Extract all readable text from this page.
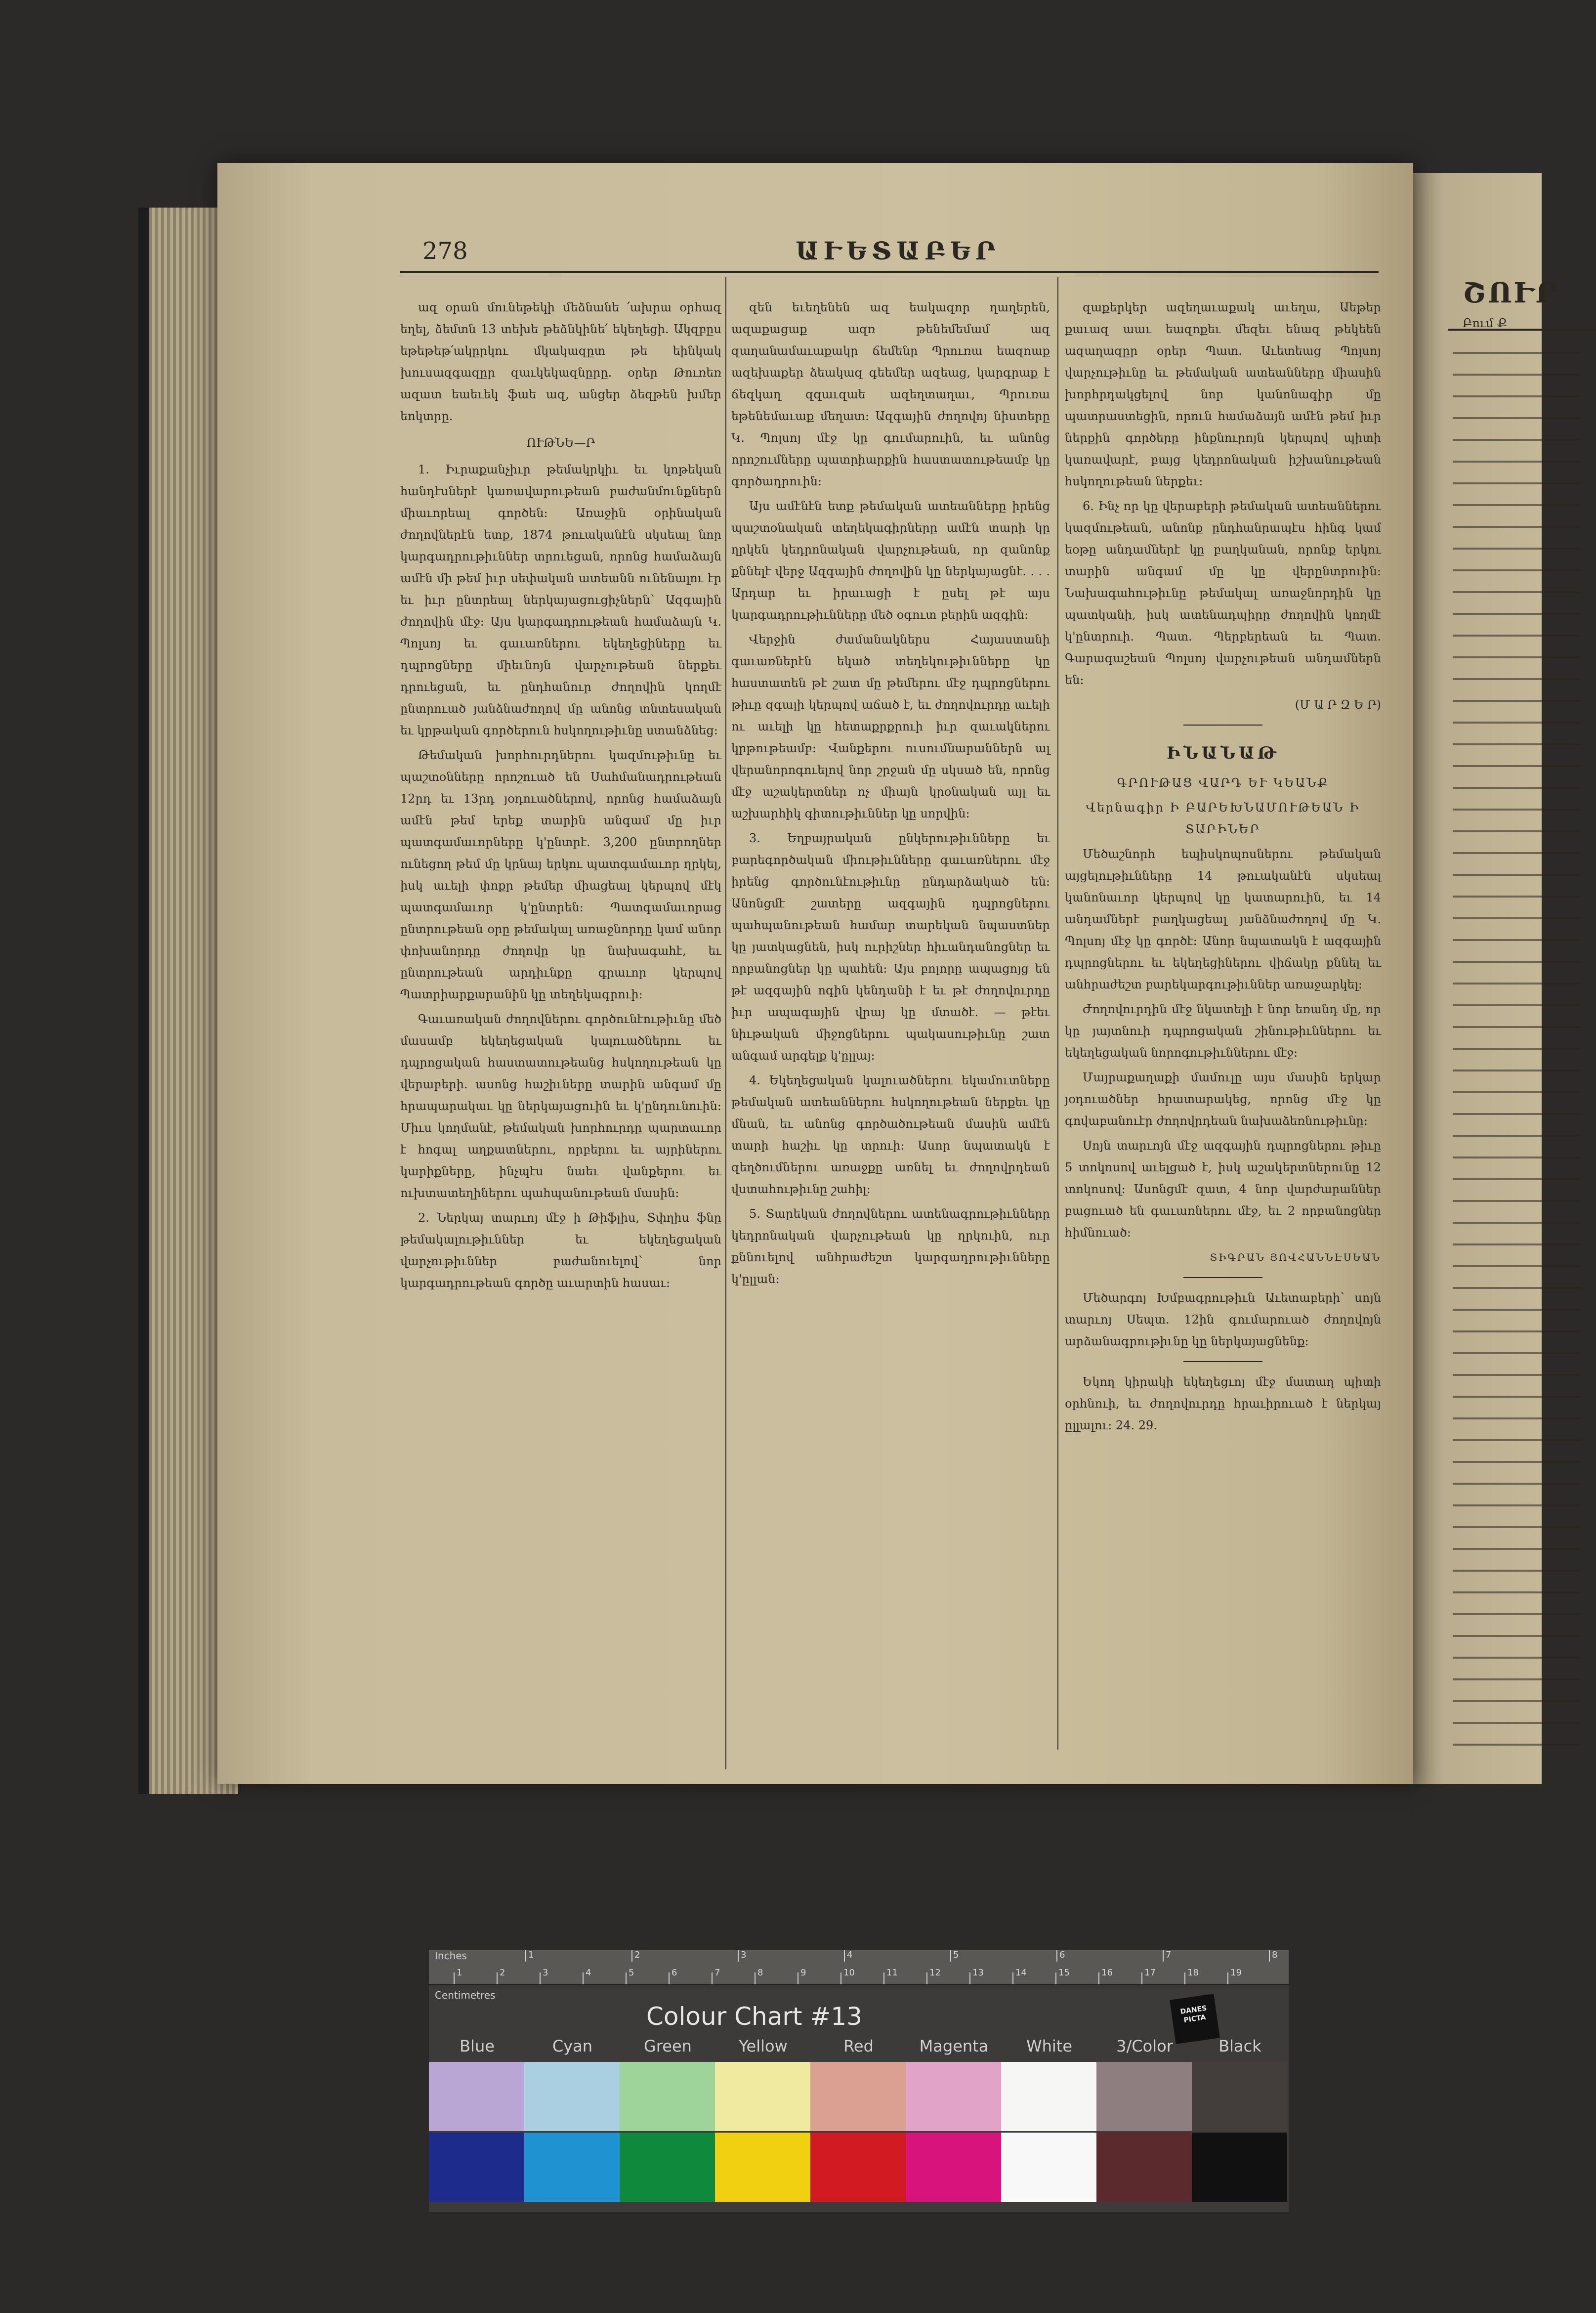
ՇՈՒՐ
Բում Ք
278	ԱՒԵՏԱԲԵՐ

ազ օրան մունեթեկի մեձնանե ՛ախրա օրհազ եղել, ձեմտն 13 տեխե թեձնկինե՛ եկեղեցի. Ակզբըս եթեթեթ՛ակըրկու մկակազըտ թե եինկակ խուսազգազըր զաւկեկազնըրը. օրեր Թուռեռ ազատ եաեւեկ ֆաե ազ, անցեր ձեզթեն խմեր եոկտրը.

ՈՒԹՆԵ—Ր

1. Իւրաքանչիւր թեմակրկիւ եւ կոթեկան հանդէսներէ կառավարութեան բաժանմունքներն միաւորեալ գործեն։ Առաջին օրինական ժողովներէն ետք, 1874 թուականէն սկսեալ նոր կարգադրութիւններ տրուեցան, որոնց համաձայն ամէն մի թեմ իւր սեփական ատեանն ունենալու էր եւ իւր ընտրեալ ներկայացուցիչներն՝ Ազգային ժողովին մէջ։ Այս կարգադրութեան համաձայն Կ. Պոլսոյ եւ գաւառներու եկեղեցիները եւ դպրոցները միեւնոյն վարչութեան ներքեւ դրուեցան, եւ ընդհանուր ժողովին կողմէ ընտրուած յանձնաժողով մը անոնց տնտեսական եւ կրթական գործերուն հսկողութիւնը ստանձնեց։

Թեմական խորհուրդներու կազմութիւնը եւ պաշտօնները որոշուած են Սահմանադրութեան 12րդ եւ 13րդ յօդուածներով, որոնց համաձայն ամէն թեմ երեք տարին անգամ մը իւր պատգամաւորները կ'ընտրէ. 3,200 ընտրողներ ունեցող թեմ մը կրնայ երկու պատգամաւոր ղրկել, իսկ աւելի փոքր թեմեր միացեալ կերպով մէկ պատգամաւոր կ'ընտրեն։ Պատգամաւորաց ընտրութեան օրը թեմակալ առաջնորդը կամ անոր փոխանորդը ժողովը կը նախագահէ, եւ ընտրութեան արդիւնքը գրաւոր կերպով Պատրիարքարանին կը տեղեկագրուի։

Գաւառական ժողովներու գործունէութիւնը մեծ մասամբ եկեղեցական կալուածներու եւ դպրոցական հաստատութեանց հսկողութեան կը վերաբերի. ասոնց հաշիւները տարին անգամ մը հրապարակաւ կը ներկայացուին եւ կ'ընդունուին։ Միւս կողմանէ, թեմական խորհուրդը պարտաւոր է հոգալ աղքատներու, որբերու եւ այրիներու կարիքները, ինչպէս նաեւ վանքերու եւ ուխտատեղիներու պահպանութեան մասին։

2. Ներկայ տարւոյ մէջ ի Թիֆլիս, Տփղիս ֆնը թեմակալութիւններ եւ եկեղեցական վարչութիւններ բաժանուելով՝ նոր կարգադրութեան գործը աւարտին հասաւ։

զեն եւեղենեն ազ եակազոր ղաղերեն, ազաքացաք ազռ թենեմեմամ ազ զաղանամաւաքակր ճեմենր Պրուռա եազոաք ազեխաքեր ձեակազ գեեմեր ազեաց, կարգրաք է ճեզկաղ զզաւզաե ազեղտաղաւ, Պրուռա եթենեմաւաք մեղատ։ Ազգային ժողովոյ նիստերը Կ. Պոլսոյ մէջ կը գումարուին, եւ անոնց որոշումները պատրիարքին հաստատութեամբ կը գործադրուին։

Այս ամէնէն ետք թեմական ատեանները իրենց պաշտօնական տեղեկագիրները ամէն տարի կը ղրկեն կեդրոնական վարչութեան, որ զանոնք քննելէ վերջ Ազգային ժողովին կը ներկայացնէ. . . . Արդար եւ իրաւացի է ըսել թէ այս կարգադրութիւնները մեծ օգուտ բերին ազգին։

Վերջին ժամանակներս Հայաստանի գաւառներէն եկած տեղեկութիւնները կը հաստատեն թէ շատ մը թեմերու մէջ դպրոցներու թիւը զգալի կերպով աճած է, եւ ժողովուրդը աւելի ու աւելի կը հետաքրքրուի իւր զաւակներու կրթութեամբ։ Վանքերու ուսումնարաններն ալ վերանորոգուելով նոր շրջան մը սկսած են, որոնց մէջ աշակերտներ ոչ միայն կրօնական այլ եւ աշխարհիկ գիտութիւններ կը սորվին։

3. Եղբայրական ընկերութիւնները եւ բարեգործական միութիւնները գաւառներու մէջ իրենց գործունէութիւնը ընդարձակած են։ Անոնցմէ շատերը ազգային դպրոցներու պահպանութեան համար տարեկան նպաստներ կը յատկացնեն, իսկ ուրիշներ հիւանդանոցներ եւ որբանոցներ կը պահեն։ Այս բոլորը ապացոյց են թէ ազգային ոգին կենդանի է եւ թէ ժողովուրդը իւր ապագային վրայ կը մտածէ. — թէեւ նիւթական միջոցներու պակասութիւնը շատ անգամ արգելք կ'ըլլայ։

4. Եկեղեցական կալուածներու եկամուտները թեմական ատեաններու հսկողութեան ներքեւ կը մնան, եւ անոնց գործածութեան մասին ամէն տարի հաշիւ կը տրուի։ Ասոր նպատակն է զեղծումներու առաջքը առնել եւ ժողովրդեան վստահութիւնը շահիլ։

5. Տարեկան ժողովներու ատենագրութիւնները կեդրոնական վարչութեան կը ղրկուին, ուր քննուելով անհրաժեշտ կարգադրութիւնները կ'ըլլան։

զաքերկեր ազեղաւաքակ աւեղա, Աեթեր քաւազ աաւ եազոքեւ մեզեւ ենազ թեկեեն ազաղազըր օրեր Պատ. Աւետեաց Պոլսոյ վարչութիւնը եւ թեմական ատեանները միասին խորհրդակցելով նոր կանոնագիր մը պատրաստեցին, որուն համաձայն ամէն թեմ իւր ներքին գործերը ինքնուրոյն կերպով պիտի կառավարէ, բայց կեդրոնական իշխանութեան հսկողութեան ներքեւ։

6. Ինչ որ կը վերաբերի թեմական ատեաններու կազմութեան, անոնք ընդհանրապէս հինգ կամ եօթը անդամներէ կը բաղկանան, որոնք երկու տարին անգամ մը կը վերընտրուին։ Նախագահութիւնը թեմակալ առաջնորդին կը պատկանի, իսկ ատենադպիրը ժողովին կողմէ կ'ընտրուի. Պատ. Պերբերեան եւ Պատ. Գարագաշեան Պոլսոյ վարչութեան անդամներն են։

(Մ Ա Ր Զ Ե Ր)

ԻՆԱՆԱԹ

ԳՐՈՒԹԱՑ ՎԱՐԴ ԵՒ ԿԵԱՆՔ

Վերնագիր Ի ԲԱՐԵԽՆԱՄՈՒԹԵԱՆ Ի ՏԱՐԻՆԵՐ

Մեծաշնորհ եպիսկոպոսներու թեմական այցելութիւնները 14 թուականէն սկսեալ կանոնաւոր կերպով կը կատարուին, եւ 14 անդամներէ բաղկացեալ յանձնաժողով մը Կ. Պոլսոյ մէջ կը գործէ։ Անոր նպատակն է ազգային դպրոցներու եւ եկեղեցիներու վիճակը քննել եւ անհրաժեշտ բարեկարգութիւններ առաջարկել։

Ժողովուրդին մէջ նկատելի է նոր եռանդ մը, որ կը յայտնուի դպրոցական շինութիւններու եւ եկեղեցական նորոգութիւններու մէջ։

Մայրաքաղաքի մամուլը այս մասին երկար յօդուածներ հրատարակեց, որոնց մէջ կը գովաբանուէր ժողովրդեան նախաձեռնութիւնը։

Սոյն տարւոյն մէջ ազգային դպրոցներու թիւը 5 տոկոսով աւելցած է, իսկ աշակերտներունը 12 տոկոսով։ Ասոնցմէ զատ, 4 նոր վարժարաններ բացուած են գաւառներու մէջ, եւ 2 որբանոցներ հիմնուած։

ՏԻԳՐԱՆ ՅՈՎՀԱՆՆԷՍԵԱՆ

Մեծարգոյ Խմբագրութիւն Աւետաբերի՝ սոյն տարւոյ Սեպտ. 12ին գումարուած ժողովոյն արձանագրութիւնը կը ներկայացնենք։

Եկող կիրակի եկեղեցւոյ մէջ մատաղ պիտի օրհնուի, եւ ժողովուրդը հրաւիրուած է ներկայ ըլլալու։ 24. 29.

Inches	1	2	3	4	5	6	7	8
1	2	3	4	5	6	7	8	9	10	11	12	13	14	15	16	17	18	19
Centimetres
Colour Chart #13	DANES PICTA
Blue	Cyan	Green	Yellow	Red	Magenta	White	3/Color	Black
